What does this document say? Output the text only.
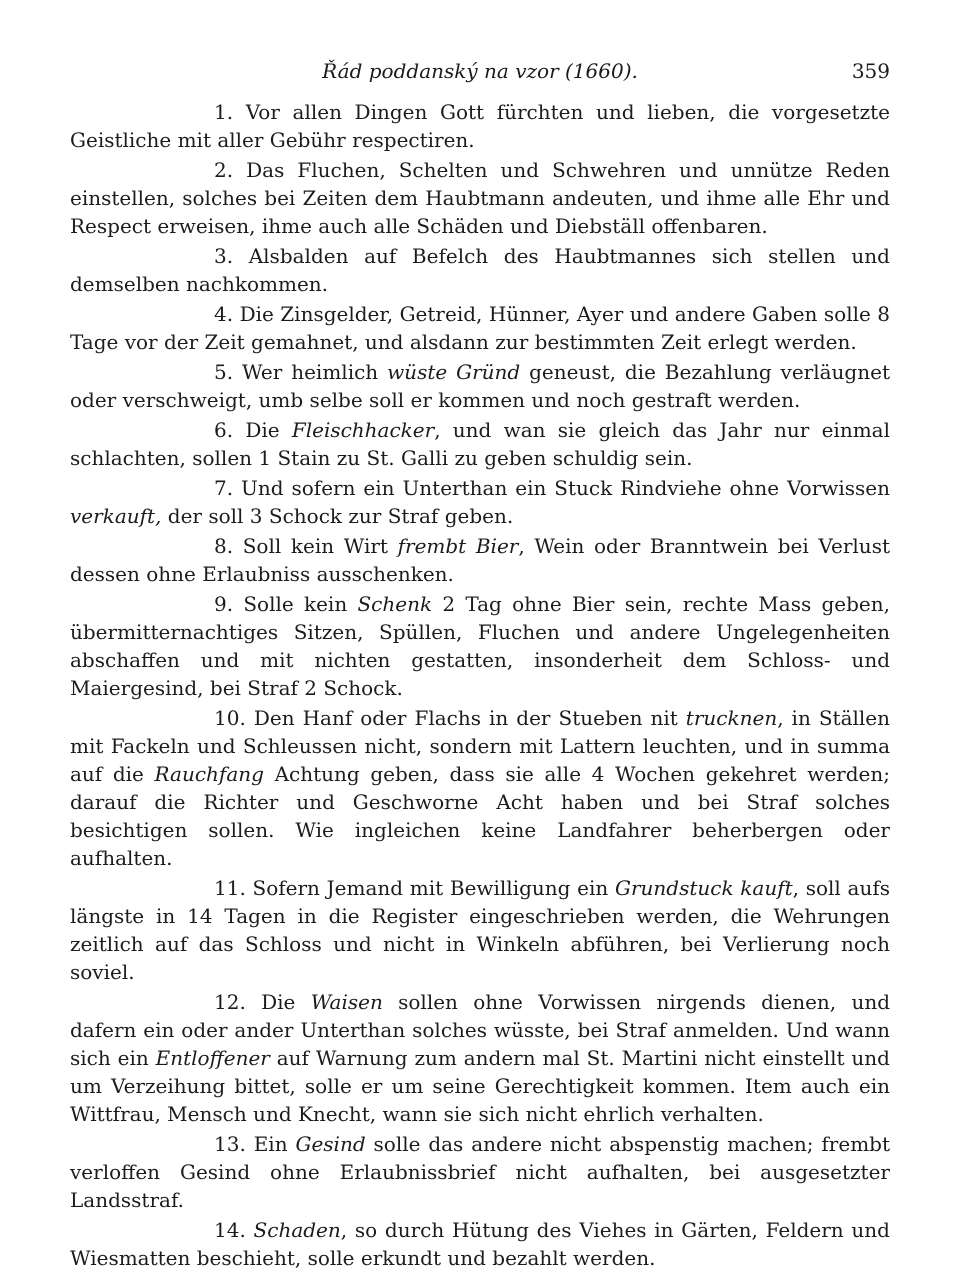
Řád poddanský na vzor (1660).	359

1. Vor allen Dingen Gott fürchten und lieben, die vorgesetzte Geistliche mit aller Gebühr respectiren.

2. Das Fluchen, Schelten und Schwehren und unnütze Reden einstellen, solches bei Zeiten dem Haubtmann andeuten, und ihme alle Ehr und Respect erweisen, ihme auch alle Schäden und Diebställ offenbaren.

3. Alsbalden auf Befelch des Haubtmannes sich stellen und demselben nachkommen.

4. Die Zinsgelder, Getreid, Hünner, Ayer und andere Gaben solle 8 Tage vor der Zeit gemahnet, und alsdann zur bestimmten Zeit erlegt werden.

5. Wer heimlich wüste Gründ geneust, die Bezahlung verläugnet oder verschweigt, umb selbe soll er kommen und noch gestraft werden.

6. Die Fleischhacker, und wan sie gleich das Jahr nur einmal schlachten, sollen 1 Stain zu St. Galli zu geben schuldig sein.

7. Und sofern ein Unterthan ein Stuck Rindviehe ohne Vorwissen verkauft, der soll 3 Schock zur Straf geben.

8. Soll kein Wirt frembt Bier, Wein oder Branntwein bei Verlust dessen ohne Erlaubniss ausschenken.

9. Solle kein Schenk 2 Tag ohne Bier sein, rechte Mass geben, übermitternachtiges Sitzen, Spüllen, Fluchen und andere Ungelegenheiten abschaffen und mit nichten gestatten, insonderheit dem Schloss- und Maiergesind, bei Straf 2 Schock.

10. Den Hanf oder Flachs in der Stueben nit trucknen, in Ställen mit Fackeln und Schleussen nicht, sondern mit Lattern leuchten, und in summa auf die Rauchfang Achtung geben, dass sie alle 4 Wochen gekehret werden; darauf die Richter und Geschworne Acht haben und bei Straf solches besichtigen sollen. Wie ingleichen keine Landfahrer beherbergen oder aufhalten.

11. Sofern Jemand mit Bewilligung ein Grundstuck kauft, soll aufs längste in 14 Tagen in die Register eingeschrieben werden, die Wehrungen zeitlich auf das Schloss und nicht in Winkeln abführen, bei Verlierung noch soviel.

12. Die Waisen sollen ohne Vorwissen nirgends dienen, und dafern ein oder ander Unterthan solches wüsste, bei Straf anmelden. Und wann sich ein Entloffener auf Warnung zum andern mal St. Martini nicht einstellt und um Verzeihung bittet, solle er um seine Gerechtigkeit kommen. Item auch ein Wittfrau, Mensch und Knecht, wann sie sich nicht ehrlich verhalten.

13. Ein Gesind solle das andere nicht abspenstig machen; frembt verloffen Gesind ohne Erlaubnissbrief nicht aufhalten, bei ausgesetzter Landsstraf.

14. Schaden, so durch Hütung des Viehes in Gärten, Feldern und Wiesmatten beschieht, solle erkundt und bezahlt werden.
